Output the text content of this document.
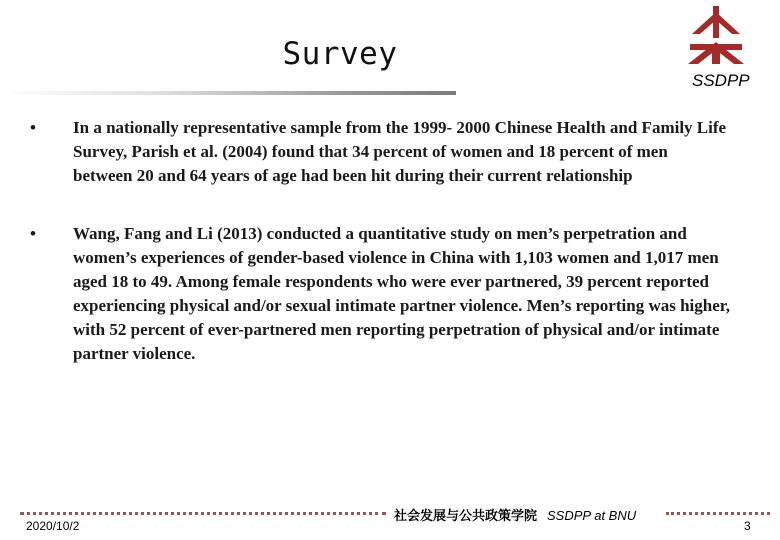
Survey
SSDPP
• In a nationally representative sample from the 1999- 2000 Chinese Health and Family Life Survey, Parish et al. (2004) found that 34 percent of women and 18 percent of men between 20 and 64 years of age had been hit during their current relationship
• Wang, Fang and Li (2013) conducted a quantitative study on men’s perpetration and women’s experiences of gender-based violence in China with 1,103 women and 1,017 men aged 18 to 49. Among female respondents who were ever partnered, 39 percent reported experiencing physical and/or sexual intimate partner violence. Men’s reporting was higher, with 52 percent of ever-partnered men reporting perpetration of physical and/or intimate partner violence.
社会发展与公共政策学院 SSDPP at BNU
2020/10/2	3
